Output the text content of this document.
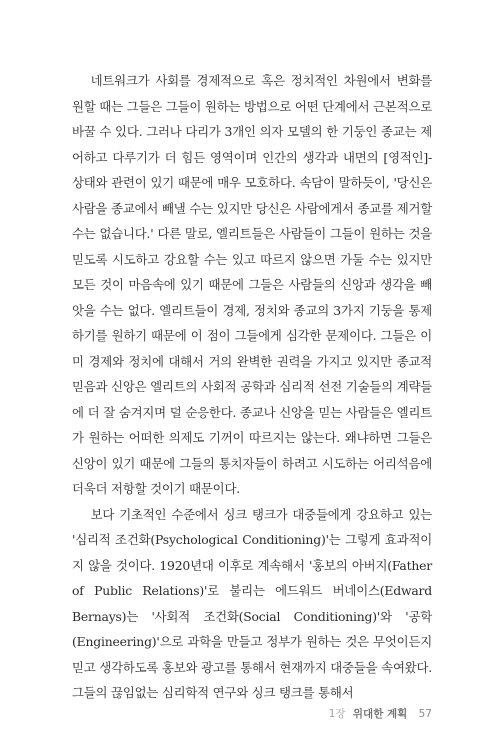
네트워크가 사회를 경제적으로 혹은 정치적인 차원에서 변화를 원할 때는 그들은 그들이 원하는 방법으로 어떤 단계에서 근본적으로 바꿀 수 있다. 그러나 다리가 3개인 의자 모델의 한 기둥인 종교는 제어하고 다루기가 더 힘든 영역이며 인간의 생각과 내면의 [영적인]-상태와 관련이 있기 때문에 매우 모호하다. 속담이 말하듯이, '당신은 사람을 종교에서 빼낼 수는 있지만 당신은 사람에게서 종교를 제거할 수는 없습니다.' 다른 말로, 엘리트들은 사람들이 그들이 원하는 것을 믿도록 시도하고 강요할 수는 있고 따르지 않으면 가둘 수는 있지만 모든 것이 마음속에 있기 때문에 그들은 사람들의 신앙과 생각을 빼앗을 수는 없다. 엘리트들이 경제, 정치와 종교의 3가지 기둥을 통제하기를 원하기 때문에 이 점이 그들에게 심각한 문제이다. 그들은 이미 경제와 정치에 대해서 거의 완벽한 권력을 가지고 있지만 종교적 믿음과 신앙은 엘리트의 사회적 공학과 심리적 선전 기술들의 계략들에 더 잘 숨겨지며 덜 순응한다. 종교나 신앙을 믿는 사람들은 엘리트가 원하는 어떠한 의제도 기꺼이 따르지는 않는다. 왜냐하면 그들은 신앙이 있기 때문에 그들의 통치자들이 하려고 시도하는 어리석음에 더욱더 저항할 것이기 때문이다.

보다 기초적인 수준에서 싱크 탱크가 대중들에게 강요하고 있는 '심리적 조건화(Psychological Conditioning)'는 그렇게 효과적이지 않을 것이다. 1920년대 이후로 계속해서 '홍보의 아버지(Father of Public Relations)'로 불리는 에드워드 버네이스(Edward Bernays)는 '사회적 조건화(Social Conditioning)'와 '공학(Engineering)'으로 과학을 만들고 정부가 원하는 것은 무엇이든지 믿고 생각하도록 홍보와 광고를 통해서 현재까지 대중들을 속여왔다. 그들의 끊임없는 심리학적 연구와 싱크 탱크를 통해서

1장 위대한 계획 57
